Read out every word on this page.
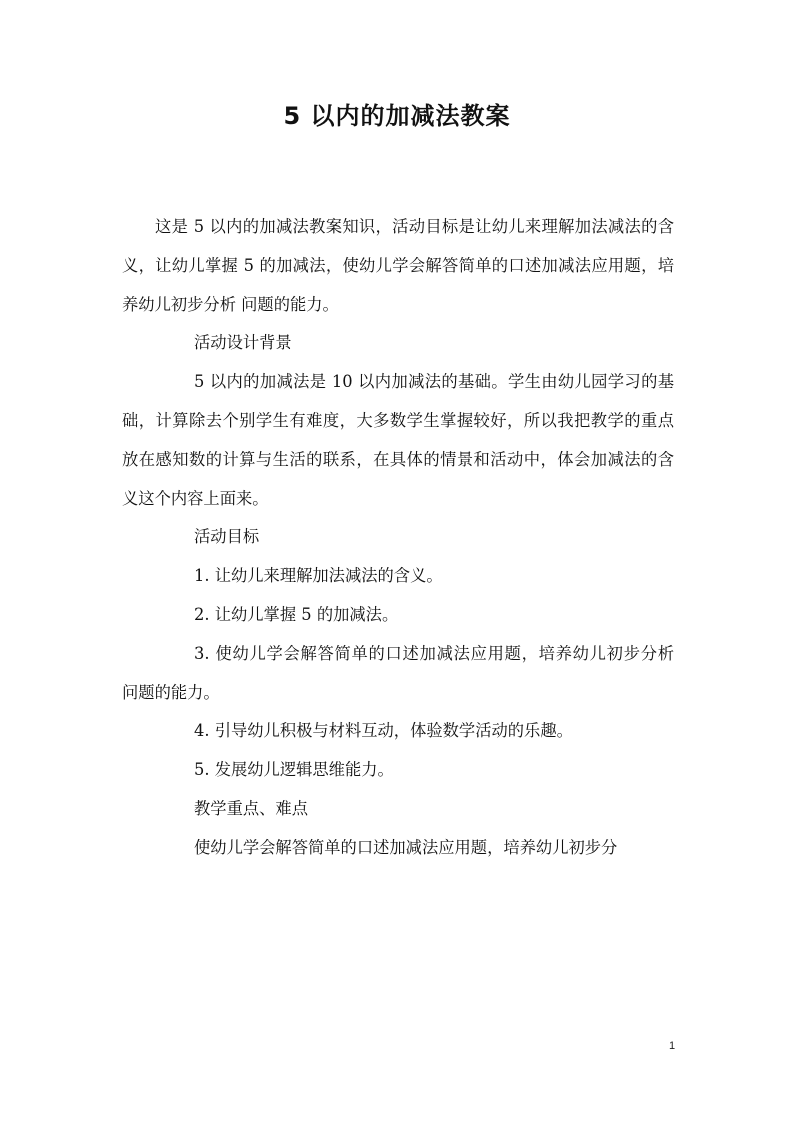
5 以内的加减法教案

这是 5 以内的加减法教案知识，活动目标是让幼儿来理解加法减法的含义，让幼儿掌握 5 的加减法，使幼儿学会解答简单的口述加减法应用题，培养幼儿初步分析 问题的能力。

活动设计背景

5 以内的加减法是 10 以内加减法的基础。学生由幼儿园学习的基础，计算除去个别学生有难度，大多数学生掌握较好，所以我把教学的重点放在感知数的计算与生活的联系，在具体的情景和活动中，体会加减法的含义这个内容上面来。

活动目标

1. 让幼儿来理解加法减法的含义。

2. 让幼儿掌握 5 的加减法。

3. 使幼儿学会解答简单的口述加减法应用题，培养幼儿初步分析 问题的能力。

4. 引导幼儿积极与材料互动，体验数学活动的乐趣。

5. 发展幼儿逻辑思维能力。

教学重点、难点

使幼儿学会解答简单的口述加减法应用题，培养幼儿初步分

1
